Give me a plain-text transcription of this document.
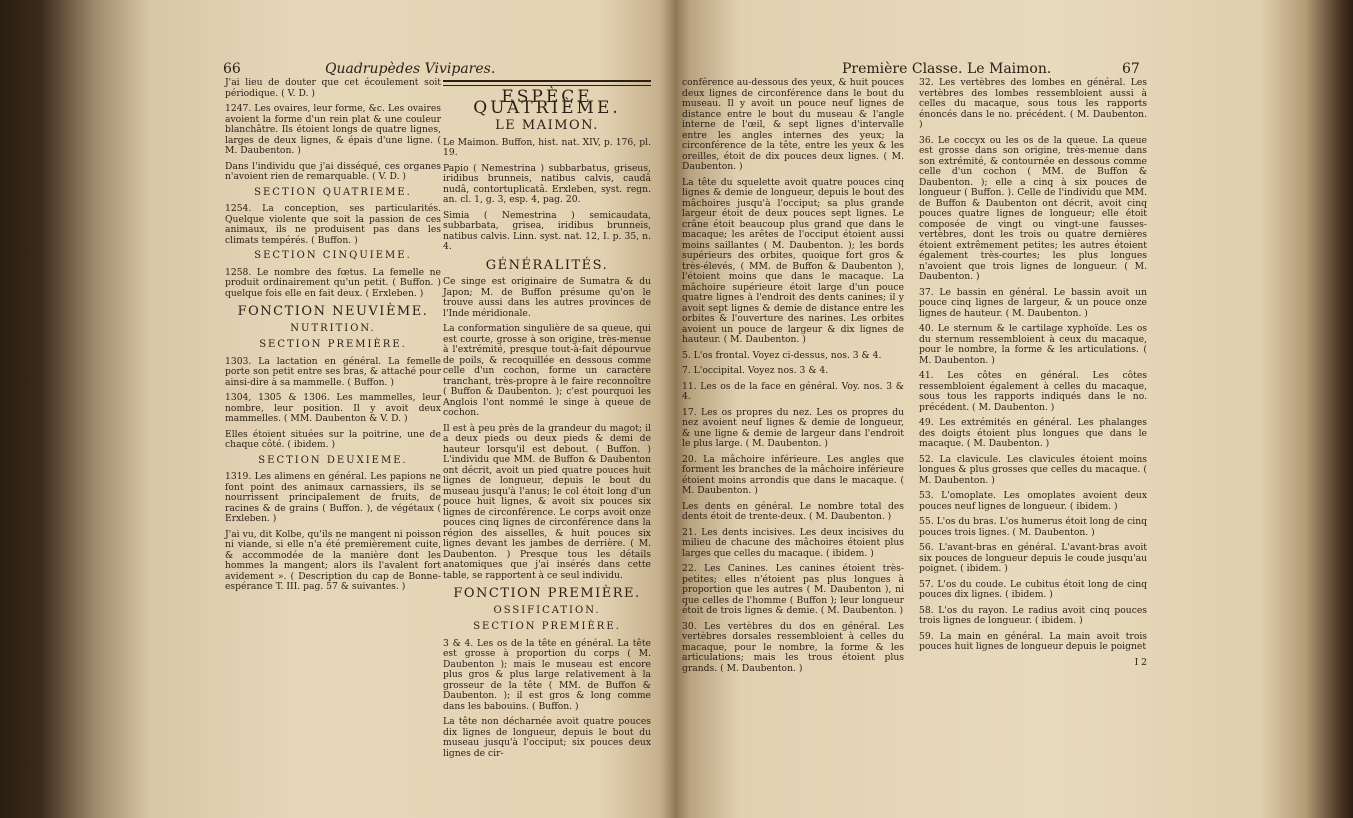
66	Quadrupèdes Vivipares.
J'ai lieu de douter que cet écoulement soit périodique. ( V. D. )
1247. Les ovaires, leur forme, &c. Les ovaires avoient la forme d'un rein plat & une couleur blanchâtre. Ils étoient longs de quatre lignes, larges de deux lignes, & épais d'une ligne. ( M. Daubenton. )
Dans l'individu que j'ai disséqué, ces organes n'avoient rien de remarquable. ( V. D. )
SECTION QUATRIEME.
1254. La conception, ses particularités. Quelque violente que soit la passion de ces animaux, ils ne produisent pas dans les climats tempérés. ( Buffon. )
SECTION CINQUIEME.
1258. Le nombre des fœtus. La femelle ne produit ordinairement qu'un petit. ( Buffon. ) quelque fois elle en fait deux. ( Erxleben. )
FONCTION NEUVIÈME.
NUTRITION.
SECTION PREMIÈRE.
1303. La lactation en général. La femelle porte son petit entre ses bras, & attaché pour ainsi-dire à sa mammelle. ( Buffon. )
1304, 1305 & 1306. Les mammelles, leur nombre, leur position. Il y avoit deux mammelles. ( MM. Daubenton & V. D. )
Elles étoient situées sur la poitrine, une de chaque côté. ( ibidem. )
SECTION DEUXIEME.
1319. Les alimens en général. Les papions ne font point des animaux carnassiers, ils se nourrissent principalement de fruits, de racines & de grains ( Buffon. ), de végétaux ( Erxleben. )
J'ai vu, dit Kolbe, qu'ils ne mangent ni poisson ni viande, si elle n'a été premièrement cuite, & accommodée de la manière dont les hommes la mangent; alors ils l'avalent fort avidement ». ( Description du cap de Bonne-espérance T. III. pag. 57 & suivantes. )
ESPÈCE QUATRIÈME.
LE MAIMON.
Le Maimon. Buffon, hist. nat. XIV, p. 176, pl. 19.
Papio ( Nemestrina ) subbarbatus, griseus, iridibus brunneis, natibus calvis, caudâ nudâ, contortuplicatâ. Erxleben, syst. regn. an. cl. 1, g. 3, esp. 4, pag. 20.
Simia ( Nemestrina ) semicaudata, subbarbata, grisea, iridibus brunneis, natibus calvis. Linn. syst. nat. 12, I. p. 35, n. 4.
GÉNÉRALITÉS.
Ce singe est originaire de Sumatra & du Japon; M. de Buffon présume qu'on le trouve aussi dans les autres provinces de l'Inde méridionale.
La conformation singulière de sa queue, qui est courte, grosse à son origine, très-menue à l'extrémité, presque tout-à-fait dépourvue de poils, & recoquillée en dessous comme celle d'un cochon, forme un caractère tranchant, très-propre à le faire reconnoître ( Buffon & Daubenton. ); c'est pourquoi les Anglois l'ont nommé le singe à queue de cochon.
Il est à peu près de la grandeur du magot; il a deux pieds ou deux pieds & demi de hauteur lorsqu'il est debout. ( Buffon. ) L'individu que MM. de Buffon & Daubenton ont décrit, avoit un pied quatre pouces huit lignes de longueur, depuis le bout du museau jusqu'à l'anus; le col étoit long d'un pouce huit lignes, & avoit six pouces six lignes de circonférence. Le corps avoit onze pouces cinq lignes de circonférence dans la région des aisselles, & huit pouces six lignes devant les jambes de derrière. ( M. Daubenton. ) Presque tous les détails anatomiques que j'ai insérés dans cette table, se rapportent à ce seul individu.
FONCTION PREMIÈRE.
OSSIFICATION.
SECTION PREMIÈRE.
3 & 4. Les os de la tête en général. La tête est grosse à proportion du corps ( M. Daubenton ); mais le museau est encore plus gros & plus large relativement à la grosseur de la tête ( MM. de Buffon & Daubenton. ); il est gros & long comme dans les babouins. ( Buffon. )
La tête non décharnée avoit quatre pouces dix lignes de longueur, depuis le bout du museau jusqu'à l'occiput; six pouces deux lignes de cir-
Première Classe. Le Maimon.	67
conférence au-dessous des yeux, & huit pouces deux lignes de circonférence dans le bout du museau. Il y avoit un pouce neuf lignes de distance entre le bout du museau & l'angle interne de l'œil, & sept lignes d'intervalle entre les angles internes des yeux; la circonférence de la tête, entre les yeux & les oreilles, étoit de dix pouces deux lignes. ( M. Daubenton. )
La tête du squelette avoit quatre pouces cinq lignes & demie de longueur, depuis le bout des mâchoires jusqu'à l'occiput; sa plus grande largeur étoit de deux pouces sept lignes. Le crâne étoit beaucoup plus grand que dans le macaque; les arêtes de l'occiput étoient aussi moins saillantes ( M. Daubenton. ); les bords supérieurs des orbites, quoique fort gros & très-élevés, ( MM. de Buffon & Daubenton ), l'étoient moins que dans le macaque. La mâchoire supérieure étoit large d'un pouce quatre lignes à l'endroit des dents canines; il y avoit sept lignes & demie de distance entre les orbites & l'ouverture des narines. Les orbites avoient un pouce de largeur & dix lignes de hauteur. ( M. Daubenton. )
5. L'os frontal. Voyez ci-dessus, nos. 3 & 4.
7. L'occipital. Voyez nos. 3 & 4.
11. Les os de la face en général. Voy. nos. 3 & 4.
17. Les os propres du nez. Les os propres du nez avoient neuf lignes & demie de longueur, & une ligne & demie de largeur dans l'endroit le plus large. ( M. Daubenton. )
20. La mâchoire inférieure. Les angles que forment les branches de la mâchoire inférieure étoient moins arrondis que dans le macaque. ( M. Daubenton. )
Les dents en général. Le nombre total des dents étoit de trente-deux. ( M. Daubenton. )
21. Les dents incisives. Les deux incisives du milieu de chacune des mâchoires étoient plus larges que celles du macaque. ( ibidem. )
22. Les Canines. Les canines étoient très-petites; elles n'étoient pas plus longues à proportion que les autres ( M. Daubenton ), ni que celles de l'homme ( Buffon ); leur longueur étoit de trois lignes & demie. ( M. Daubenton. )
30. Les vertèbres du dos en général. Les vertèbres dorsales ressembloient à celles du macaque, pour le nombre, la forme & les articulations; mais les trous étoient plus grands. ( M. Daubenton. )
32. Les vertèbres des lombes en général. Les vertèbres des lombes ressembloient aussi à celles du macaque, sous tous les rapports énoncés dans le no. précédent. ( M. Daubenton. )
36. Le coccyx ou les os de la queue. La queue est grosse dans son origine, très-menue dans son extrémité, & contournée en dessous comme celle d'un cochon ( MM. de Buffon & Daubenton. ); elle a cinq à six pouces de longueur ( Buffon. ). Celle de l'individu que MM. de Buffon & Daubenton ont décrit, avoit cinq pouces quatre lignes de longueur; elle étoit composée de vingt ou vingt-une fausses-vertèbres, dont les trois ou quatre dernières étoient extrêmement petites; les autres étoient également très-courtes; les plus longues n'avoient que trois lignes de longueur. ( M. Daubenton. )
37. Le bassin en général. Le bassin avoit un pouce cinq lignes de largeur, & un pouce onze lignes de hauteur. ( M. Daubenton. )
40. Le sternum & le cartilage xyphoïde. Les os du sternum ressembloient à ceux du macaque, pour le nombre, la forme & les articulations. ( M. Daubenton. )
41. Les côtes en général. Les côtes ressembloient également à celles du macaque, sous tous les rapports indiqués dans le no. précédent. ( M. Daubenton. )
49. Les extrémités en général. Les phalanges des doigts étoient plus longues que dans le macaque. ( M. Daubenton. )
52. La clavicule. Les clavicules étoient moins longues & plus grosses que celles du macaque. ( M. Daubenton. )
53. L'omoplate. Les omoplates avoient deux pouces neuf lignes de longueur. ( ibidem. )
55. L'os du bras. L'os humerus étoit long de cinq pouces trois lignes. ( M. Daubenton. )
56. L'avant-bras en général. L'avant-bras avoit six pouces de longueur depuis le coude jusqu'au poignet. ( ibidem. )
57. L'os du coude. Le cubitus étoit long de cinq pouces dix lignes. ( ibidem. )
58. L'os du rayon. Le radius avoit cinq pouces trois lignes de longueur. ( ibidem. )
59. La main en général. La main avoit trois pouces huit lignes de longueur depuis le poignet
I 2
